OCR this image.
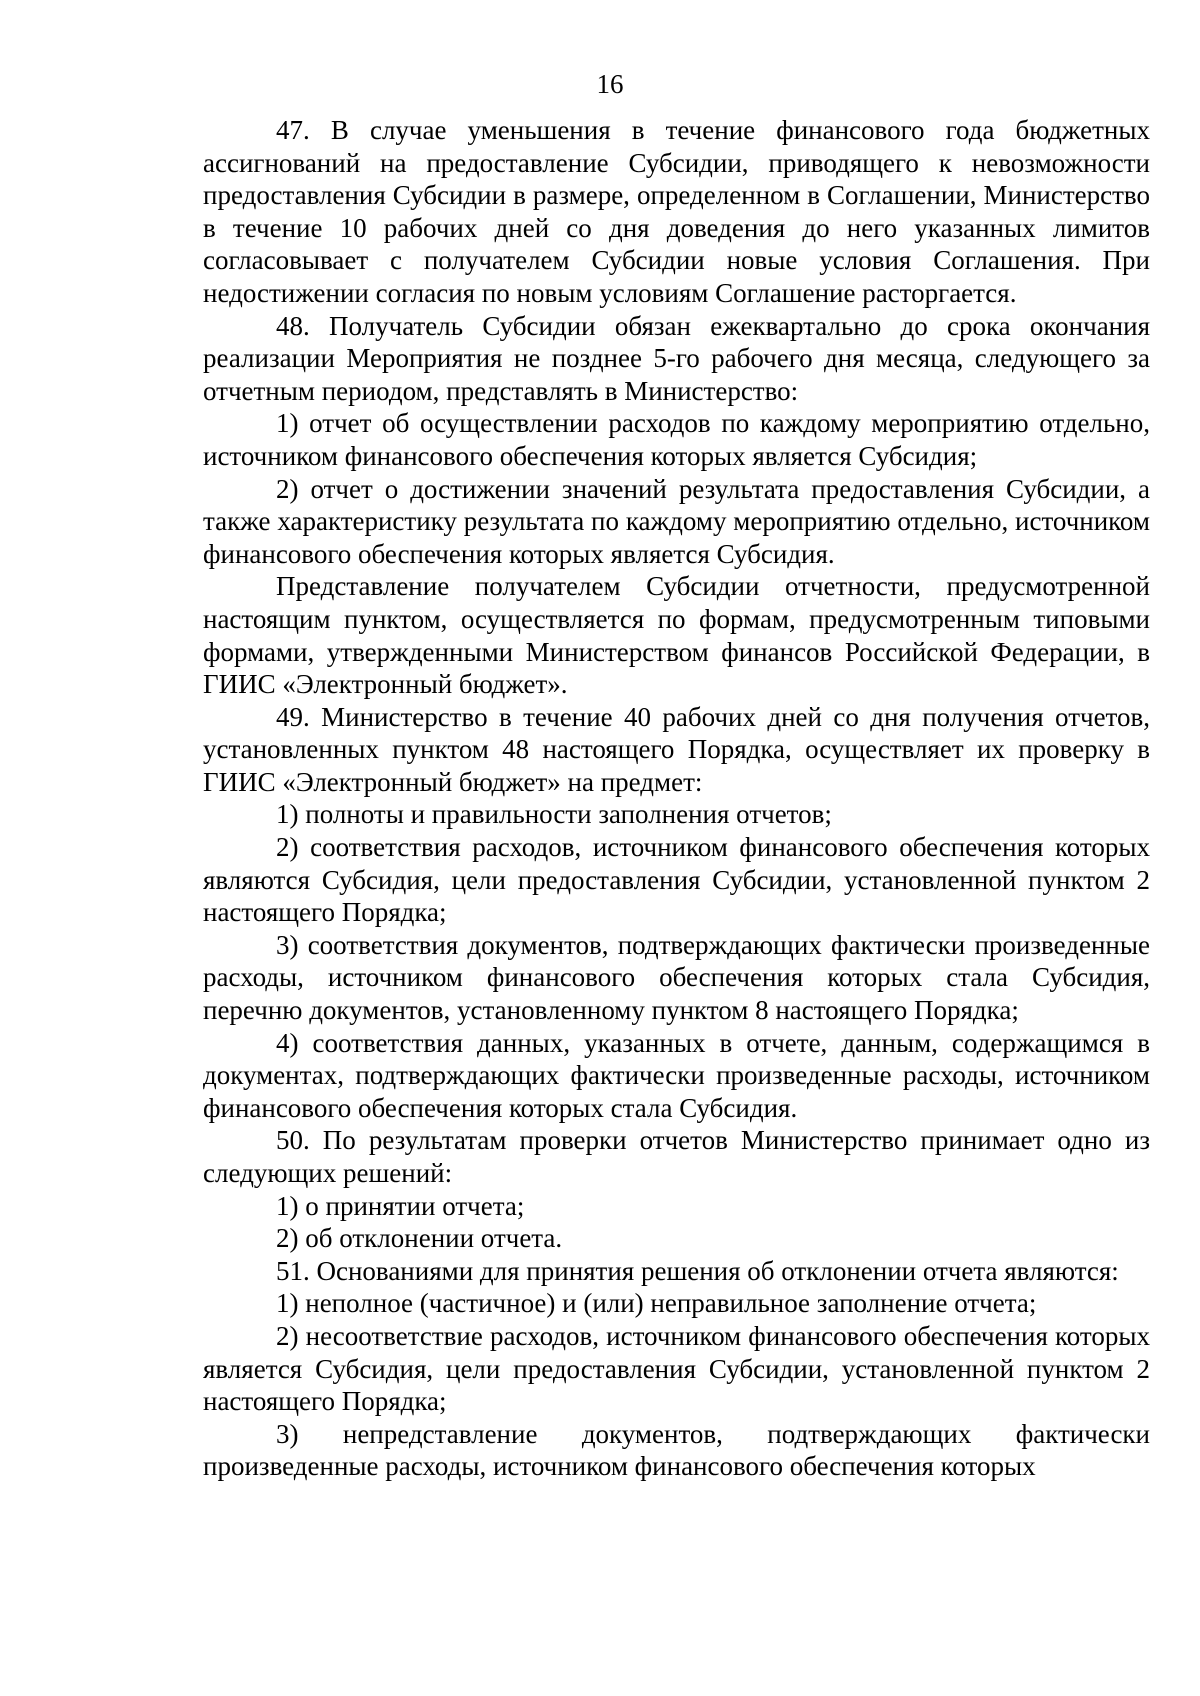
16

47. В случае уменьшения в течение финансового года бюджетных ассигнований на предоставление Субсидии, приводящего к невозможности предоставления Субсидии в размере, определенном в Соглашении, Министерство в течение 10 рабочих дней со дня доведения до него указанных лимитов согласовывает с получателем Субсидии новые условия Соглашения. При недостижении согласия по новым условиям Соглашение расторгается.

48. Получатель Субсидии обязан ежеквартально до срока окончания реализации Мероприятия не позднее 5-го рабочего дня месяца, следующего за отчетным периодом, представлять в Министерство:

1) отчет об осуществлении расходов по каждому мероприятию отдельно, источником финансового обеспечения которых является Субсидия;

2) отчет о достижении значений результата предоставления Субсидии, а также характеристику результата по каждому мероприятию отдельно, источником финансового обеспечения которых является Субсидия.

Представление получателем Субсидии отчетности, предусмотренной настоящим пунктом, осуществляется по формам, предусмотренным типовыми формами, утвержденными Министерством финансов Российской Федерации, в ГИИС «Электронный бюджет».

49. Министерство в течение 40 рабочих дней со дня получения отчетов, установленных пунктом 48 настоящего Порядка, осуществляет их проверку в ГИИС «Электронный бюджет» на предмет:

1) полноты и правильности заполнения отчетов;

2) соответствия расходов, источником финансового обеспечения которых являются Субсидия, цели предоставления Субсидии, установленной пунктом 2 настоящего Порядка;

3) соответствия документов, подтверждающих фактически произведенные расходы, источником финансового обеспечения которых стала Субсидия, перечню документов, установленному пунктом 8 настоящего Порядка;

4) соответствия данных, указанных в отчете, данным, содержащимся в документах, подтверждающих фактически произведенные расходы, источником финансового обеспечения которых стала Субсидия.

50. По результатам проверки отчетов Министерство принимает одно из следующих решений:

1) о принятии отчета;

2) об отклонении отчета.

51. Основаниями для принятия решения об отклонении отчета являются:

1) неполное (частичное) и (или) неправильное заполнение отчета;

2) несоответствие расходов, источником финансового обеспечения которых является Субсидия, цели предоставления Субсидии, установленной пунктом 2 настоящего Порядка;

3) непредставление документов, подтверждающих фактически произведенные расходы, источником финансового обеспечения которых
